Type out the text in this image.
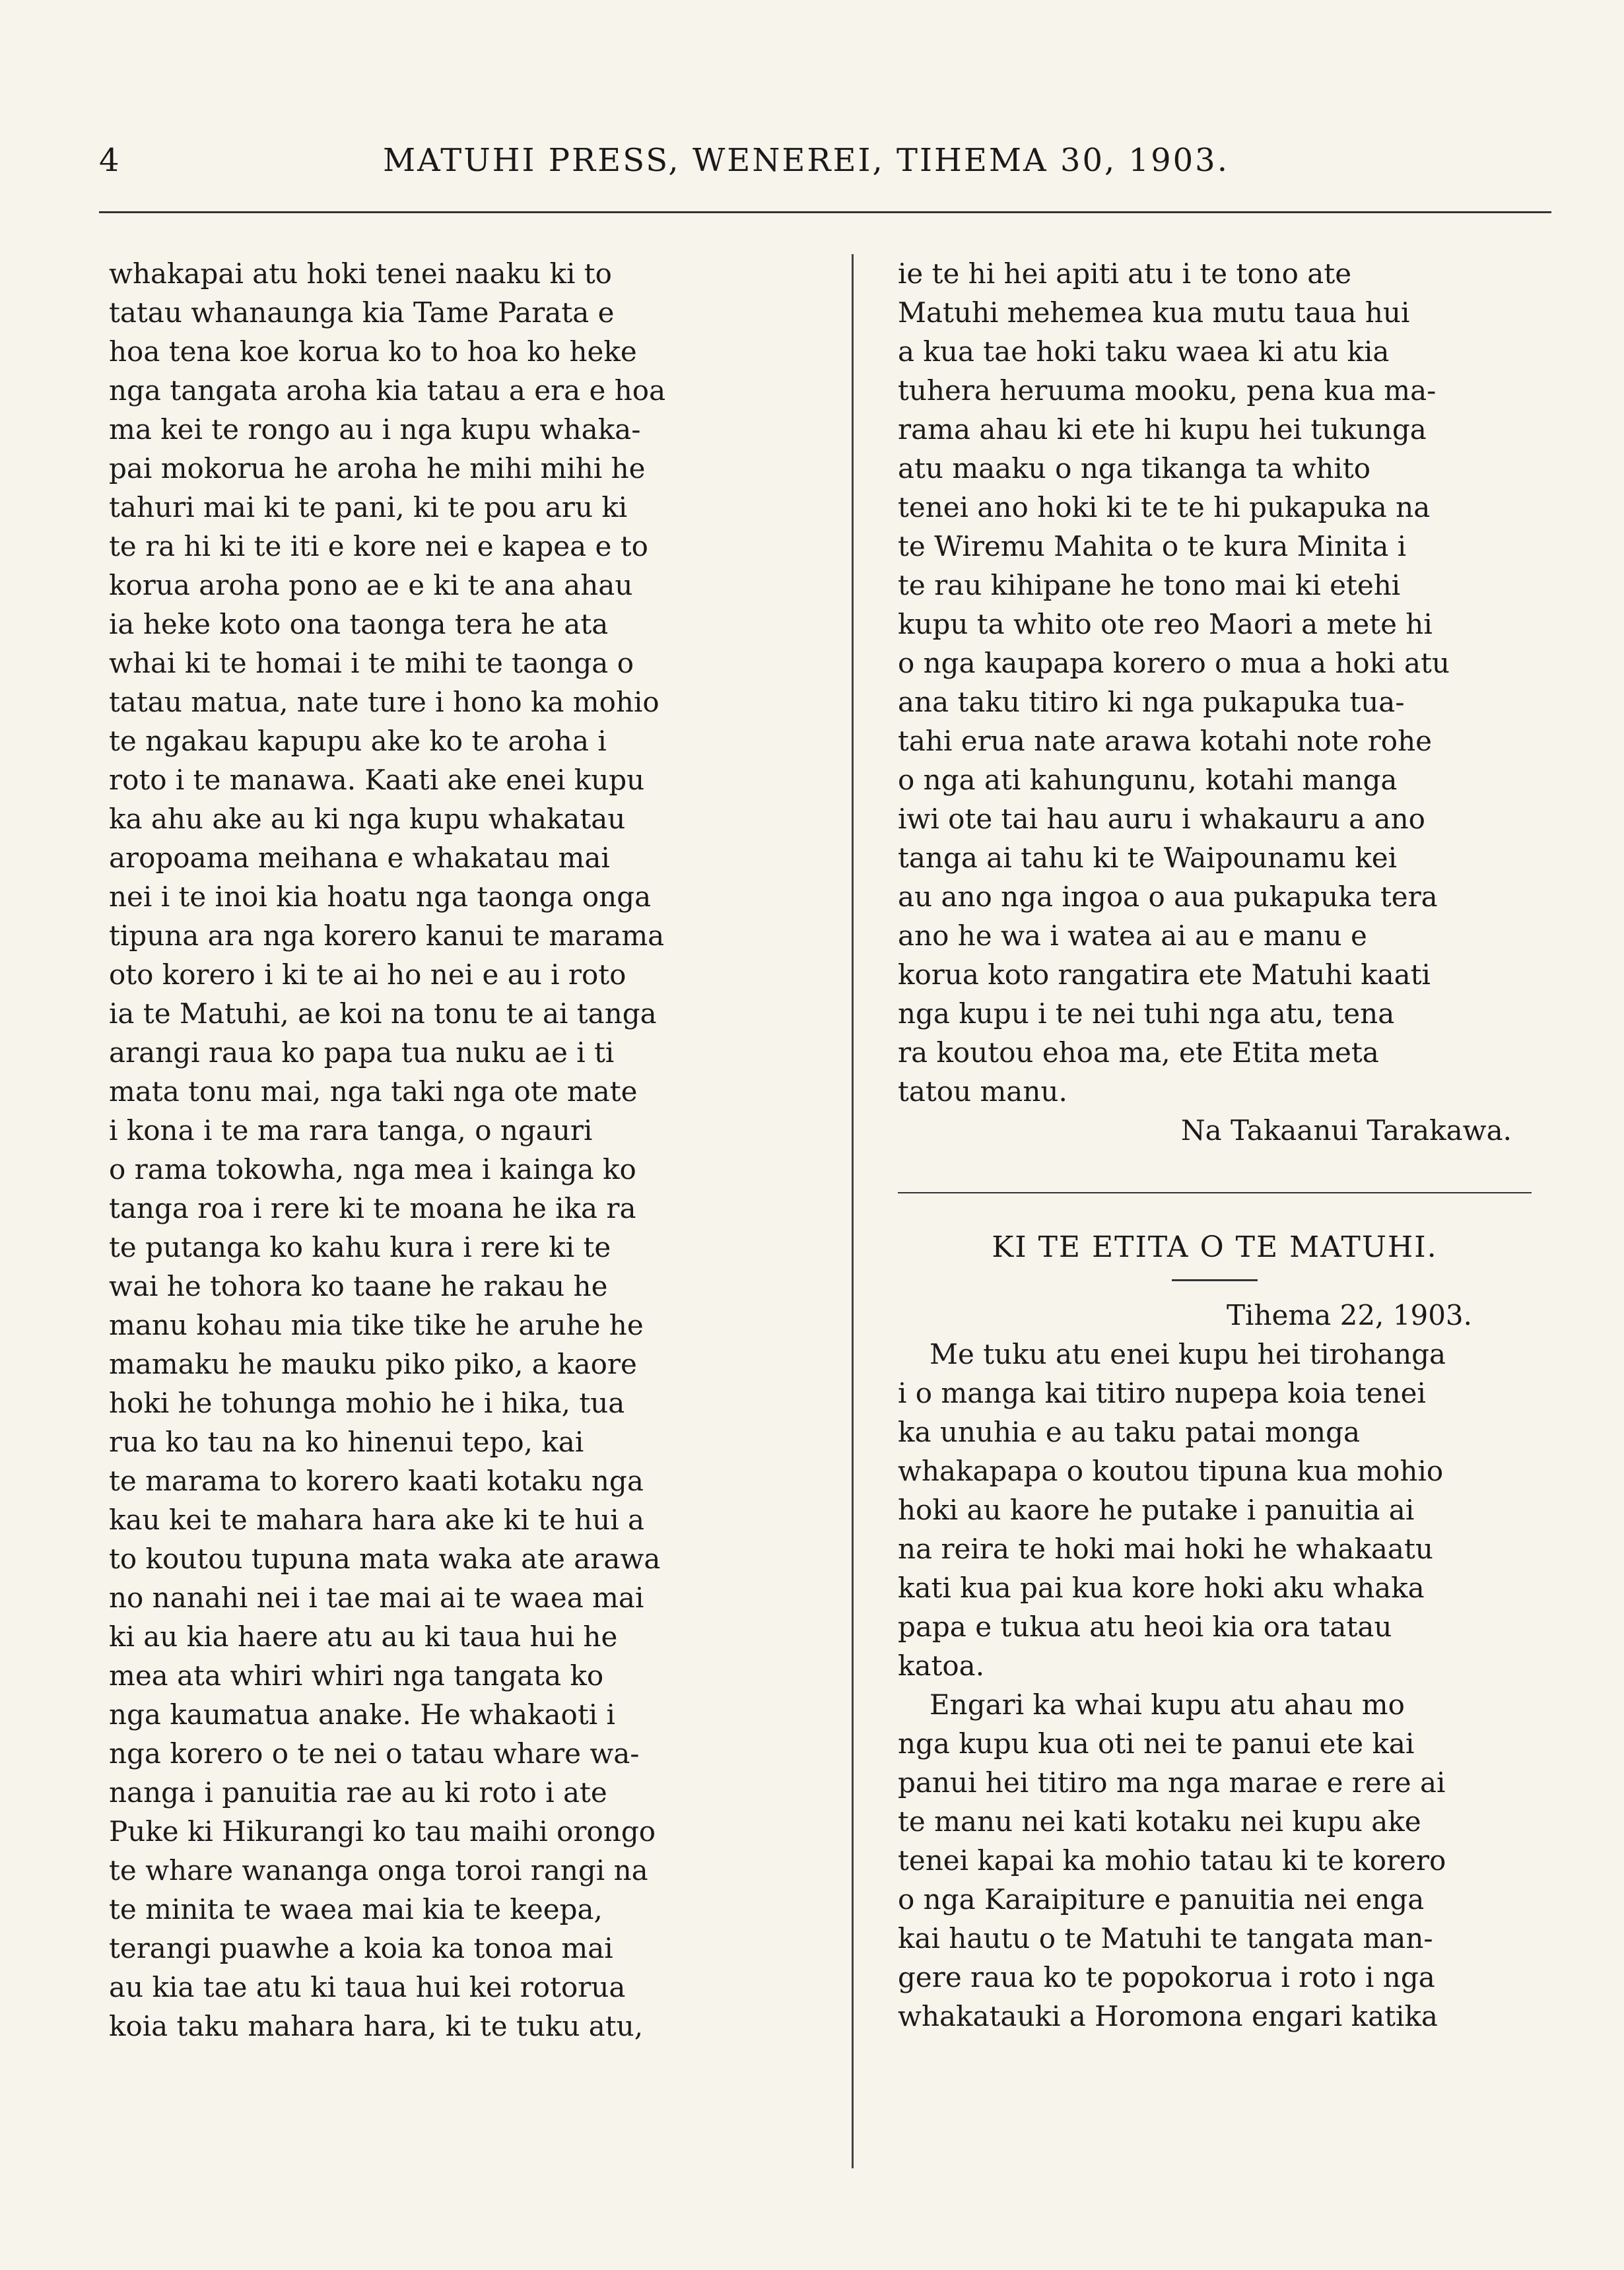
4	MATUHI PRESS, WENEREI, TIHEMA 30, 1903.
whakapai atu hoki tenei naaku ki to
tatau whanaunga kia Tame Parata e
hoa tena koe korua ko to hoa ko heke
nga tangata aroha kia tatau a era e hoa
ma kei te rongo au i nga kupu whaka-
pai mokorua he aroha he mihi mihi he
tahuri mai ki te pani, ki te pou aru ki
te ra hi ki te iti e kore nei e kapea e to
korua aroha pono ae e ki te ana ahau
ia heke koto ona taonga tera he ata
whai ki te homai i te mihi te taonga o
tatau matua, nate ture i hono ka mohio
te ngakau kapupu ake ko te aroha i
roto i te manawa. Kaati ake enei kupu
ka ahu ake au ki nga kupu whakatau
aropoama meihana e whakatau mai
nei i te inoi kia hoatu nga taonga onga
tipuna ara nga korero kanui te marama
oto korero i ki te ai ho nei e au i roto
ia te Matuhi, ae koi na tonu te ai tanga
arangi raua ko papa tua nuku ae i ti
mata tonu mai, nga taki nga ote mate
i kona i te ma rara tanga, o ngauri
o rama tokowha, nga mea i kainga ko
tanga roa i rere ki te moana he ika ra
te putanga ko kahu kura i rere ki te
wai he tohora ko taane he rakau he
manu kohau mia tike tike he aruhe he
mamaku he mauku piko piko, a kaore
hoki he tohunga mohio he i hika, tua
rua ko tau na ko hinenui tepo, kai
te marama to korero kaati kotaku nga
kau kei te mahara hara ake ki te hui a
to koutou tupuna mata waka ate arawa
no nanahi nei i tae mai ai te waea mai
ki au kia haere atu au ki taua hui he
mea ata whiri whiri nga tangata ko
nga kaumatua anake. He whakaoti i
nga korero o te nei o tatau whare wa-
nanga i panuitia rae au ki roto i ate
Puke ki Hikurangi ko tau maihi orongo
te whare wananga onga toroi rangi na
te minita te waea mai kia te keepa,
terangi puawhe a koia ka tonoa mai
au kia tae atu ki taua hui kei rotorua
koia taku mahara hara, ki te tuku atu,
ie te hi hei apiti atu i te tono ate
Matuhi mehemea kua mutu taua hui
a kua tae hoki taku waea ki atu kia
tuhera heruuma mooku, pena kua ma-
rama ahau ki ete hi kupu hei tukunga
atu maaku o nga tikanga ta whito
tenei ano hoki ki te te hi pukapuka na
te Wiremu Mahita o te kura Minita i
te rau kihipane he tono mai ki etehi
kupu ta whito ote reo Maori a mete hi
o nga kaupapa korero o mua a hoki atu
ana taku titiro ki nga pukapuka tua-
tahi erua nate arawa kotahi note rohe
o nga ati kahungunu, kotahi manga
iwi ote tai hau auru i whakauru a ano
tanga ai tahu ki te Waipounamu kei
au ano nga ingoa o aua pukapuka tera
ano he wa i watea ai au e manu e
korua koto rangatira ete Matuhi kaati
nga kupu i te nei tuhi nga atu, tena
ra koutou ehoa ma, ete Etita meta
tatou manu.
Na Takaanui Tarakawa.
KI TE ETITA O TE MATUHI.
Tihema 22, 1903.
Me tuku atu enei kupu hei tirohanga
i o manga kai titiro nupepa koia tenei
ka unuhia e au taku patai monga
whakapapa o koutou tipuna kua mohio
hoki au kaore he putake i panuitia ai
na reira te hoki mai hoki he whakaatu
kati kua pai kua kore hoki aku whaka
papa e tukua atu heoi kia ora tatau
katoa.
Engari ka whai kupu atu ahau mo
nga kupu kua oti nei te panui ete kai
panui hei titiro ma nga marae e rere ai
te manu nei kati kotaku nei kupu ake
tenei kapai ka mohio tatau ki te korero
o nga Karaipiture e panuitia nei enga
kai hautu o te Matuhi te tangata man-
gere raua ko te popokorua i roto i nga
whakatauki a Horomona engari katika
